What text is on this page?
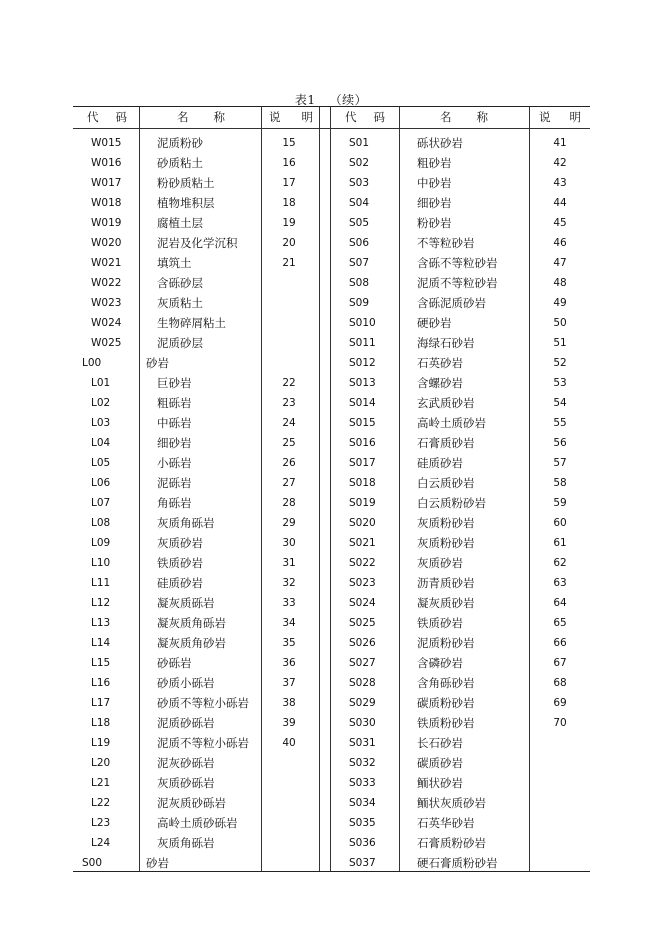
表1 （续）
代 码	名 称	说 明	代 码	名 称	说 明
W015	泥质粉砂	15
W016	砂质粘土	16
W017	粉砂质粘土	17
W018	植物堆积层	18
W019	腐植土层	19
W020	泥岩及化学沉积	20
W021	填筑土	21
W022	含砾砂层
W023	灰质粘土
W024	生物碎屑粘土
W025	泥质砂层
L00	砂岩
L01	巨砂岩	22
L02	粗砾岩	23
L03	中砾岩	24
L04	细砂岩	25
L05	小砾岩	26
L06	泥砾岩	27
L07	角砾岩	28
L08	灰质角砾岩	29
L09	灰质砂岩	30
L10	铁质砂岩	31
L11	硅质砂岩	32
L12	凝灰质砾岩	33
L13	凝灰质角砾岩	34
L14	凝灰质角砂岩	35
L15	砂砾岩	36
L16	砂质小砾岩	37
L17	砂质不等粒小砾岩	38
L18	泥质砂砾岩	39
L19	泥质不等粒小砾岩	40
L20	泥灰砂砾岩
L21	灰质砂砾岩
L22	泥灰质砂砾岩
L23	高岭土质砂砾岩
L24	灰质角砾岩
S00	砂岩
S01	砾状砂岩	41
S02	粗砂岩	42
S03	中砂岩	43
S04	细砂岩	44
S05	粉砂岩	45
S06	不等粒砂岩	46
S07	含砾不等粒砂岩	47
S08	泥质不等粒砂岩	48
S09	含砾泥质砂岩	49
S010	硬砂岩	50
S011	海绿石砂岩	51
S012	石英砂岩	52
S013	含螺砂岩	53
S014	玄武质砂岩	54
S015	高岭土质砂岩	55
S016	石膏质砂岩	56
S017	硅质砂岩	57
S018	白云质砂岩	58
S019	白云质粉砂岩	59
S020	灰质粉砂岩	60
S021	灰质粉砂岩	61
S022	灰质砂岩	62
S023	沥青质砂岩	63
S024	凝灰质砂岩	64
S025	铁质砂岩	65
S026	泥质粉砂岩	66
S027	含磷砂岩	67
S028	含角砾砂岩	68
S029	碳质粉砂岩	69
S030	铁质粉砂岩	70
S031	长石砂岩
S032	碳质砂岩
S033	鲕状砂岩
S034	鲕状灰质砂岩
S035	石英华砂岩
S036	石膏质粉砂岩
S037	硬石膏质粉砂岩
